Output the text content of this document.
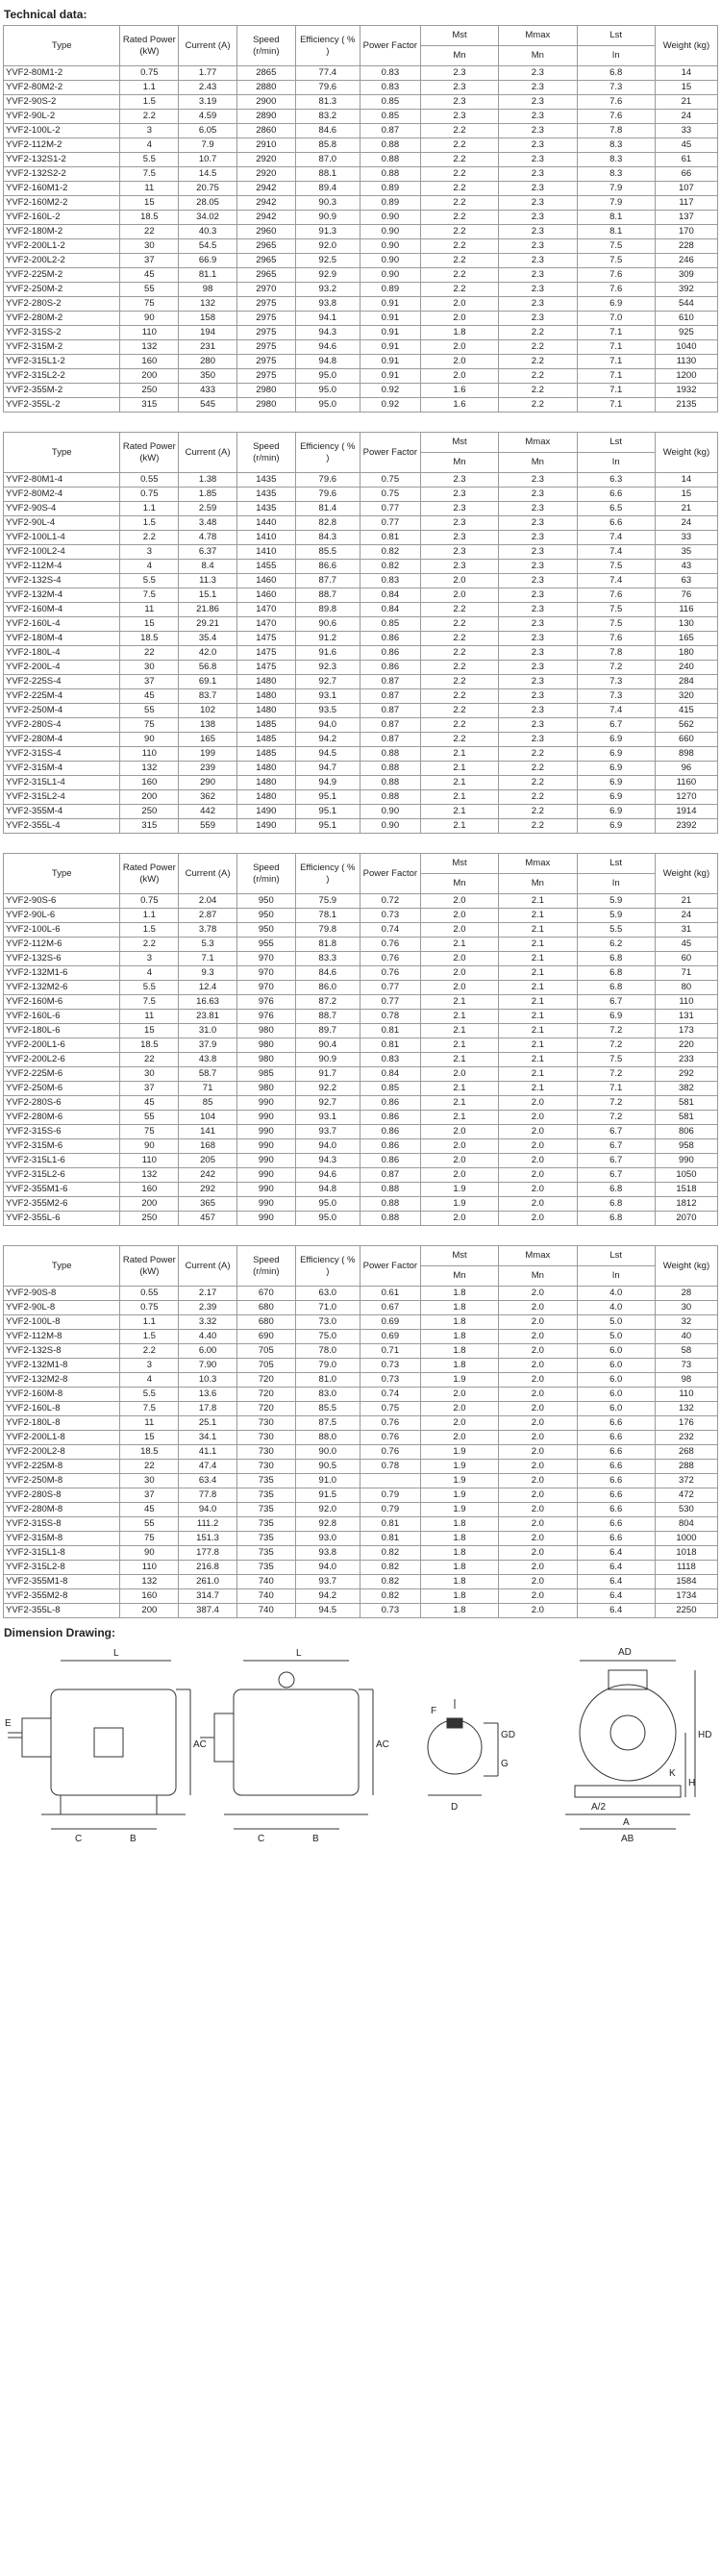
Technical data:
Type	Rated Power (kW)	Current (A)	Speed (r/min)	Efficiency ( % )	Power Factor	Mst	Mmax	Lst	Weight (kg)
						Mn	Mn	In	
YVF2-80M1-2	0.75	1.77	2865	77.4	0.83	2.3	2.3	6.8	14
YVF2-80M2-2	1.1	2.43	2880	79.6	0.83	2.3	2.3	7.3	15
YVF2-90S-2	1.5	3.19	2900	81.3	0.85	2.3	2.3	7.6	21
YVF2-90L-2	2.2	4.59	2890	83.2	0.85	2.3	2.3	7.6	24
YVF2-100L-2	3	6.05	2860	84.6	0.87	2.2	2.3	7.8	33
YVF2-112M-2	4	7.9	2910	85.8	0.88	2.2	2.3	8.3	45
YVF2-132S1-2	5.5	10.7	2920	87.0	0.88	2.2	2.3	8.3	61
YVF2-132S2-2	7.5	14.5	2920	88.1	0.88	2.2	2.3	8.3	66
YVF2-160M1-2	11	20.75	2942	89.4	0.89	2.2	2.3	7.9	107
YVF2-160M2-2	15	28.05	2942	90.3	0.89	2.2	2.3	7.9	117
YVF2-160L-2	18.5	34.02	2942	90.9	0.90	2.2	2.3	8.1	137
YVF2-180M-2	22	40.3	2960	91.3	0.90	2.2	2.3	8.1	170
YVF2-200L1-2	30	54.5	2965	92.0	0.90	2.2	2.3	7.5	228
YVF2-200L2-2	37	66.9	2965	92.5	0.90	2.2	2.3	7.5	246
YVF2-225M-2	45	81.1	2965	92.9	0.90	2.2	2.3	7.6	309
YVF2-250M-2	55	98	2970	93.2	0.89	2.2	2.3	7.6	392
YVF2-280S-2	75	132	2975	93.8	0.91	2.0	2.3	6.9	544
YVF2-280M-2	90	158	2975	94.1	0.91	2.0	2.3	7.0	610
YVF2-315S-2	110	194	2975	94.3	0.91	1.8	2.2	7.1	925
YVF2-315M-2	132	231	2975	94.6	0.91	2.0	2.2	7.1	1040
YVF2-315L1-2	160	280	2975	94.8	0.91	2.0	2.2	7.1	1130
YVF2-315L2-2	200	350	2975	95.0	0.91	2.0	2.2	7.1	1200
YVF2-355M-2	250	433	2980	95.0	0.92	1.6	2.2	7.1	1932
YVF2-355L-2	315	545	2980	95.0	0.92	1.6	2.2	7.1	2135
Type	Rated Power (kW)	Current (A)	Speed (r/min)	Efficiency ( % )	Power Factor	Mst	Mmax	Lst	Weight (kg)
						Mn	Mn	In	
YVF2-80M1-4	0.55	1.38	1435	79.6	0.75	2.3	2.3	6.3	14
YVF2-80M2-4	0.75	1.85	1435	79.6	0.75	2.3	2.3	6.6	15
YVF2-90S-4	1.1	2.59	1435	81.4	0.77	2.3	2.3	6.5	21
YVF2-90L-4	1.5	3.48	1440	82.8	0.77	2.3	2.3	6.6	24
YVF2-100L1-4	2.2	4.78	1410	84.3	0.81	2.3	2.3	7.4	33
YVF2-100L2-4	3	6.37	1410	85.5	0.82	2.3	2.3	7.4	35
YVF2-112M-4	4	8.4	1455	86.6	0.82	2.3	2.3	7.5	43
YVF2-132S-4	5.5	11.3	1460	87.7	0.83	2.0	2.3	7.4	63
YVF2-132M-4	7.5	15.1	1460	88.7	0.84	2.0	2.3	7.6	76
YVF2-160M-4	11	21.86	1470	89.8	0.84	2.2	2.3	7.5	116
YVF2-160L-4	15	29.21	1470	90.6	0.85	2.2	2.3	7.5	130
YVF2-180M-4	18.5	35.4	1475	91.2	0.86	2.2	2.3	7.6	165
YVF2-180L-4	22	42.0	1475	91.6	0.86	2.2	2.3	7.8	180
YVF2-200L-4	30	56.8	1475	92.3	0.86	2.2	2.3	7.2	240
YVF2-225S-4	37	69.1	1480	92.7	0.87	2.2	2.3	7.3	284
YVF2-225M-4	45	83.7	1480	93.1	0.87	2.2	2.3	7.3	320
YVF2-250M-4	55	102	1480	93.5	0.87	2.2	2.3	7.4	415
YVF2-280S-4	75	138	1485	94.0	0.87	2.2	2.3	6.7	562
YVF2-280M-4	90	165	1485	94.2	0.87	2.2	2.3	6.9	660
YVF2-315S-4	110	199	1485	94.5	0.88	2.1	2.2	6.9	898
YVF2-315M-4	132	239	1480	94.7	0.88	2.1	2.2	6.9	96
YVF2-315L1-4	160	290	1480	94.9	0.88	2.1	2.2	6.9	1160
YVF2-315L2-4	200	362	1480	95.1	0.88	2.1	2.2	6.9	1270
YVF2-355M-4	250	442	1490	95.1	0.90	2.1	2.2	6.9	1914
YVF2-355L-4	315	559	1490	95.1	0.90	2.1	2.2	6.9	2392
Type	Rated Power (kW)	Current (A)	Speed (r/min)	Efficiency ( % )	Power Factor	Mst	Mmax	Lst	Weight (kg)
						Mn	Mn	In	
YVF2-90S-6	0.75	2.04	950	75.9	0.72	2.0	2.1	5.9	21
YVF2-90L-6	1.1	2.87	950	78.1	0.73	2.0	2.1	5.9	24
YVF2-100L-6	1.5	3.78	950	79.8	0.74	2.0	2.1	5.5	31
YVF2-112M-6	2.2	5.3	955	81.8	0.76	2.1	2.1	6.2	45
YVF2-132S-6	3	7.1	970	83.3	0.76	2.0	2.1	6.8	60
YVF2-132M1-6	4	9.3	970	84.6	0.76	2.0	2.1	6.8	71
YVF2-132M2-6	5.5	12.4	970	86.0	0.77	2.0	2.1	6.8	80
YVF2-160M-6	7.5	16.63	976	87.2	0.77	2.1	2.1	6.7	110
YVF2-160L-6	11	23.81	976	88.7	0.78	2.1	2.1	6.9	131
YVF2-180L-6	15	31.0	980	89.7	0.81	2.1	2.1	7.2	173
YVF2-200L1-6	18.5	37.9	980	90.4	0.81	2.1	2.1	7.2	220
YVF2-200L2-6	22	43.8	980	90.9	0.83	2.1	2.1	7.5	233
YVF2-225M-6	30	58.7	985	91.7	0.84	2.0	2.1	7.2	292
YVF2-250M-6	37	71	980	92.2	0.85	2.1	2.1	7.1	382
YVF2-280S-6	45	85	990	92.7	0.86	2.1	2.0	7.2	581
YVF2-280M-6	55	104	990	93.1	0.86	2.1	2.0	7.2	581
YVF2-315S-6	75	141	990	93.7	0.86	2.0	2.0	6.7	806
YVF2-315M-6	90	168	990	94.0	0.86	2.0	2.0	6.7	958
YVF2-315L1-6	110	205	990	94.3	0.86	2.0	2.0	6.7	990
YVF2-315L2-6	132	242	990	94.6	0.87	2.0	2.0	6.7	1050
YVF2-355M1-6	160	292	990	94.8	0.88	1.9	2.0	6.8	1518
YVF2-355M2-6	200	365	990	95.0	0.88	1.9	2.0	6.8	1812
YVF2-355L-6	250	457	990	95.0	0.88	2.0	2.0	6.8	2070
Type	Rated Power (kW)	Current (A)	Speed (r/min)	Efficiency ( % )	Power Factor	Mst	Mmax	Lst	Weight (kg)
						Mn	Mn	In	
YVF2-90S-8	0.55	2.17	670	63.0	0.61	1.8	2.0	4.0	28
YVF2-90L-8	0.75	2.39	680	71.0	0.67	1.8	2.0	4.0	30
YVF2-100L-8	1.1	3.32	680	73.0	0.69	1.8	2.0	5.0	32
YVF2-112M-8	1.5	4.40	690	75.0	0.69	1.8	2.0	5.0	40
YVF2-132S-8	2.2	6.00	705	78.0	0.71	1.8	2.0	6.0	58
YVF2-132M1-8	3	7.90	705	79.0	0.73	1.8	2.0	6.0	73
YVF2-132M2-8	4	10.3	720	81.0	0.73	1.9	2.0	6.0	98
YVF2-160M-8	5.5	13.6	720	83.0	0.74	2.0	2.0	6.0	110
YVF2-160L-8	7.5	17.8	720	85.5	0.75	2.0	2.0	6.0	132
YVF2-180L-8	11	25.1	730	87.5	0.76	2.0	2.0	6.6	176
YVF2-200L1-8	15	34.1	730	88.0	0.76	2.0	2.0	6.6	232
YVF2-200L2-8	18.5	41.1	730	90.0	0.76	1.9	2.0	6.6	268
YVF2-225M-8	22	47.4	730	90.5	0.78	1.9	2.0	6.6	288
YVF2-250M-8	30	63.4	735	91.0		1.9	2.0	6.6	372
YVF2-280S-8	37	77.8	735	91.5	0.79	1.9	2.0	6.6	472
YVF2-280M-8	45	94.0	735	92.0	0.79	1.9	2.0	6.6	530
YVF2-315S-8	55	111.2	735	92.8	0.81	1.8	2.0	6.6	804
YVF2-315M-8	75	151.3	735	93.0	0.81	1.8	2.0	6.6	1000
YVF2-315L1-8	90	177.8	735	93.8	0.82	1.8	2.0	6.4	1018
YVF2-315L2-8	110	216.8	735	94.0	0.82	1.8	2.0	6.4	1118
YVF2-355M1-8	132	261.0	740	93.7	0.82	1.8	2.0	6.4	1584
YVF2-355M2-8	160	314.7	740	94.2	0.82	1.8	2.0	6.4	1734
YVF2-355L-8	200	387.4	740	94.5	0.73	1.8	2.0	6.4	2250
Dimension Drawing:
L
E
AC
C	B
L
AC
C	B
F
GD
G
D
AD
HD
K
A/2
H
A
AB
